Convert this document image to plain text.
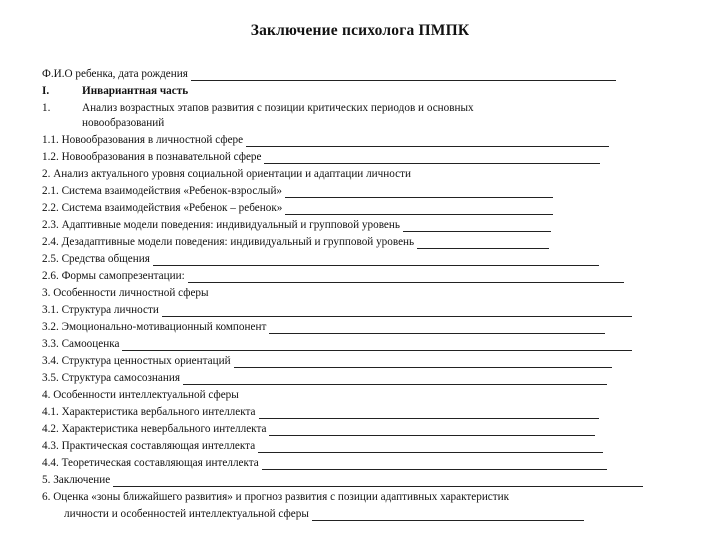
Заключение психолога ПМПК
Ф.И.О ребенка, дата рождения
I.	Инвариантная часть
1.	Анализ возрастных этапов развития с позиции критических периодов и основных
новообразований
1.1. Новообразования в личностной сфере
1.2. Новообразования в познавательной сфере
2. Анализ актуального уровня социальной ориентации и адаптации личности
2.1. Система взаимодействия «Ребенок-взрослый»
2.2. Система взаимодействия «Ребенок – ребенок»
2.3. Адаптивные модели поведения: индивидуальный и групповой уровень
2.4. Дезадаптивные модели поведения: индивидуальный и групповой уровень
2.5. Средства общения
2.6. Формы самопрезентации:
3. Особенности личностной сферы
3.1. Структура личности
3.2. Эмоционально-мотивационный компонент
3.3. Самооценка
3.4. Структура ценностных ориентаций
3.5. Структура самосознания
4. Особенности интеллектуальной сферы
4.1. Характеристика вербального интеллекта
4.2. Характеристика невербального интеллекта
4.3. Практическая составляющая интеллекта
4.4. Теоретическая составляющая интеллекта
5. Заключение
6. Оценка «зоны ближайшего развития» и прогноз развития с позиции адаптивных характеристик
личности и особенностей интеллектуальной сферы
